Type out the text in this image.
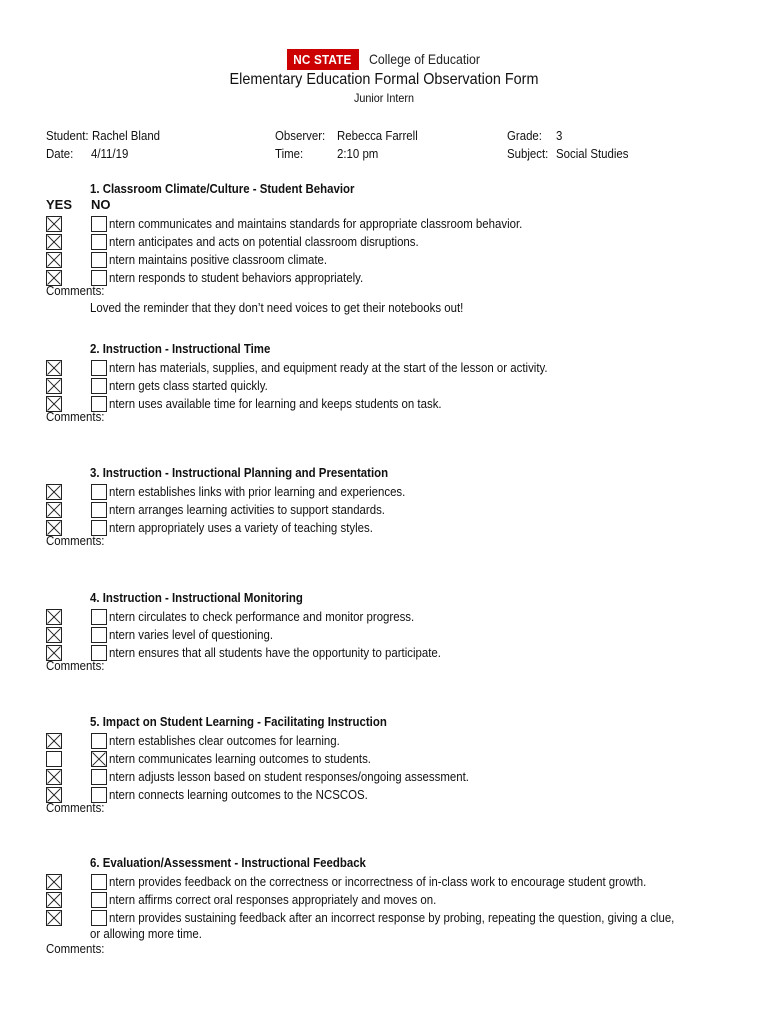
NC STATE	College of Educatior
Elementary Education Formal Observation Form
Junior Intern
Student: Rachel Bland
Date: 4/11/19
Observer: Rebecca Farrell
Time:	2:10 pm
Grade: 3
Subject: Social Studies
1. Classroom Climate/Culture - Student Behavior
YES NO
ntern communicates and maintains standards for appropriate classroom behavior.
ntern anticipates and acts on potential classroom disruptions.
ntern maintains positive classroom climate.
ntern responds to student behaviors appropriately.
Comments:
Loved the reminder that they don’t need voices to get their notebooks out!
2. Instruction - Instructional Time
ntern has materials, supplies, and equipment ready at the start of the lesson or activity.
ntern gets class started quickly.
ntern uses available time for learning and keeps students on task.
Comments:
3. Instruction - Instructional Planning and Presentation
ntern establishes links with prior learning and experiences.
ntern arranges learning activities to support standards.
ntern appropriately uses a variety of teaching styles.
Comments:
4. Instruction - Instructional Monitoring
ntern circulates to check performance and monitor progress.
ntern varies level of questioning.
ntern ensures that all students have the opportunity to participate.
Comments:
5. Impact on Student Learning - Facilitating Instruction
ntern establishes clear outcomes for learning.
ntern communicates learning outcomes to students.
ntern adjusts lesson based on student responses/ongoing assessment.
ntern connects learning outcomes to the NCSCOS.
Comments:
6. Evaluation/Assessment - Instructional Feedback
ntern provides feedback on the correctness or incorrectness of in-class work to encourage student growth.
ntern affirms correct oral responses appropriately and moves on.
ntern provides sustaining feedback after an incorrect response by probing, repeating the question, giving a clue,
or allowing more time.
Comments:
